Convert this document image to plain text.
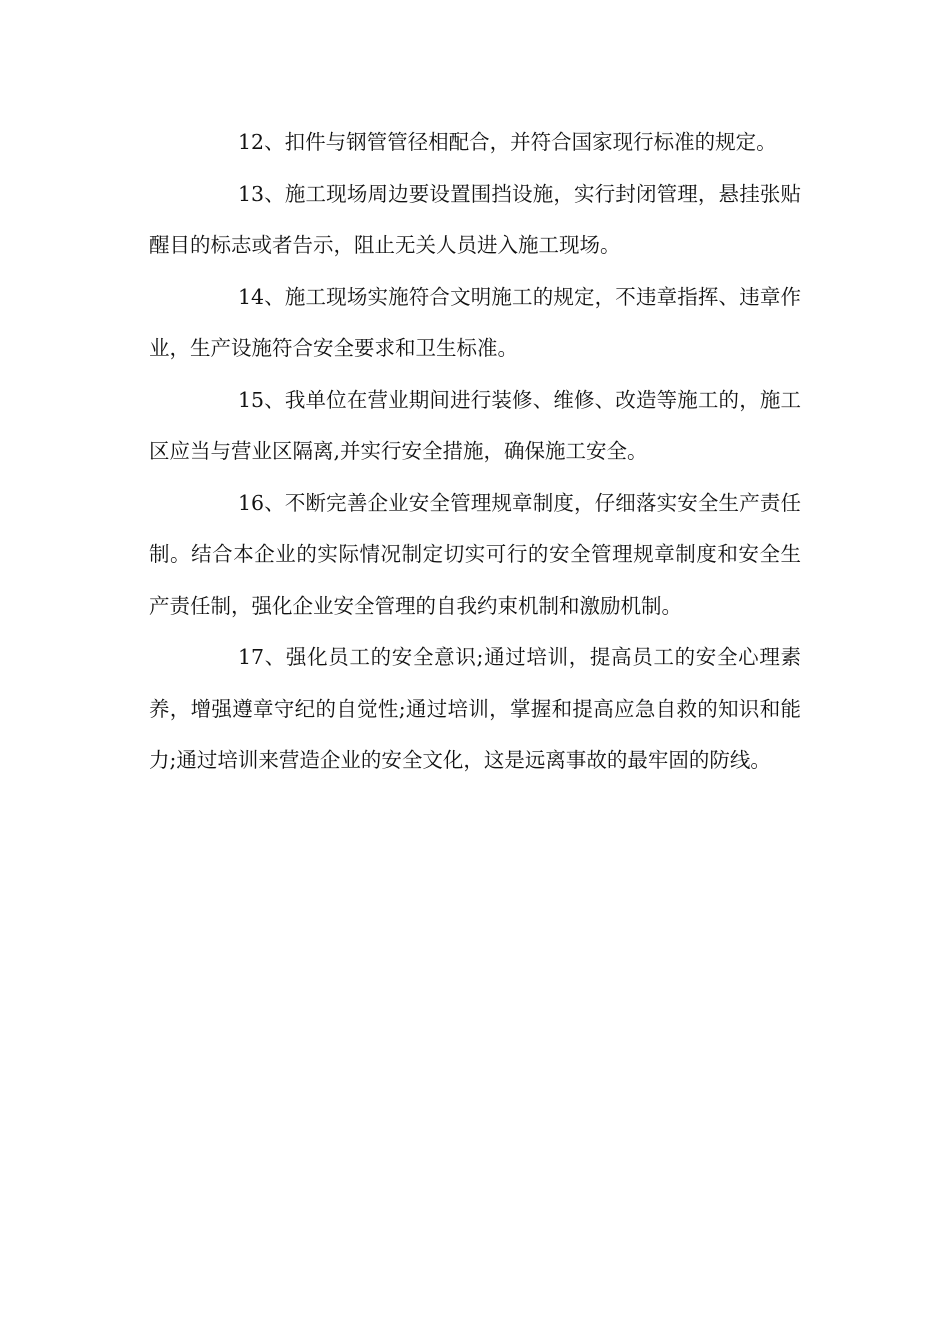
12、扣件与钢管管径相配合，并符合国家现行标准的规定。

13、施工现场周边要设置围挡设施，实行封闭管理，悬挂张贴醒目的标志或者告示，阻止无关人员进入施工现场。

14、施工现场实施符合文明施工的规定，不违章指挥、违章作业，生产设施符合安全要求和卫生标准。

15、我单位在营业期间进行装修、维修、改造等施工的，施工区应当与营业区隔离,并实行安全措施，确保施工安全。

16、不断完善企业安全管理规章制度，仔细落实安全生产责任制。结合本企业的实际情况制定切实可行的安全管理规章制度和安全生产责任制，强化企业安全管理的自我约束机制和激励机制。

17、强化员工的安全意识;通过培训，提高员工的安全心理素养，增强遵章守纪的自觉性;通过培训，掌握和提高应急自救的知识和能力;通过培训来营造企业的安全文化，这是远离事故的最牢固的防线。
